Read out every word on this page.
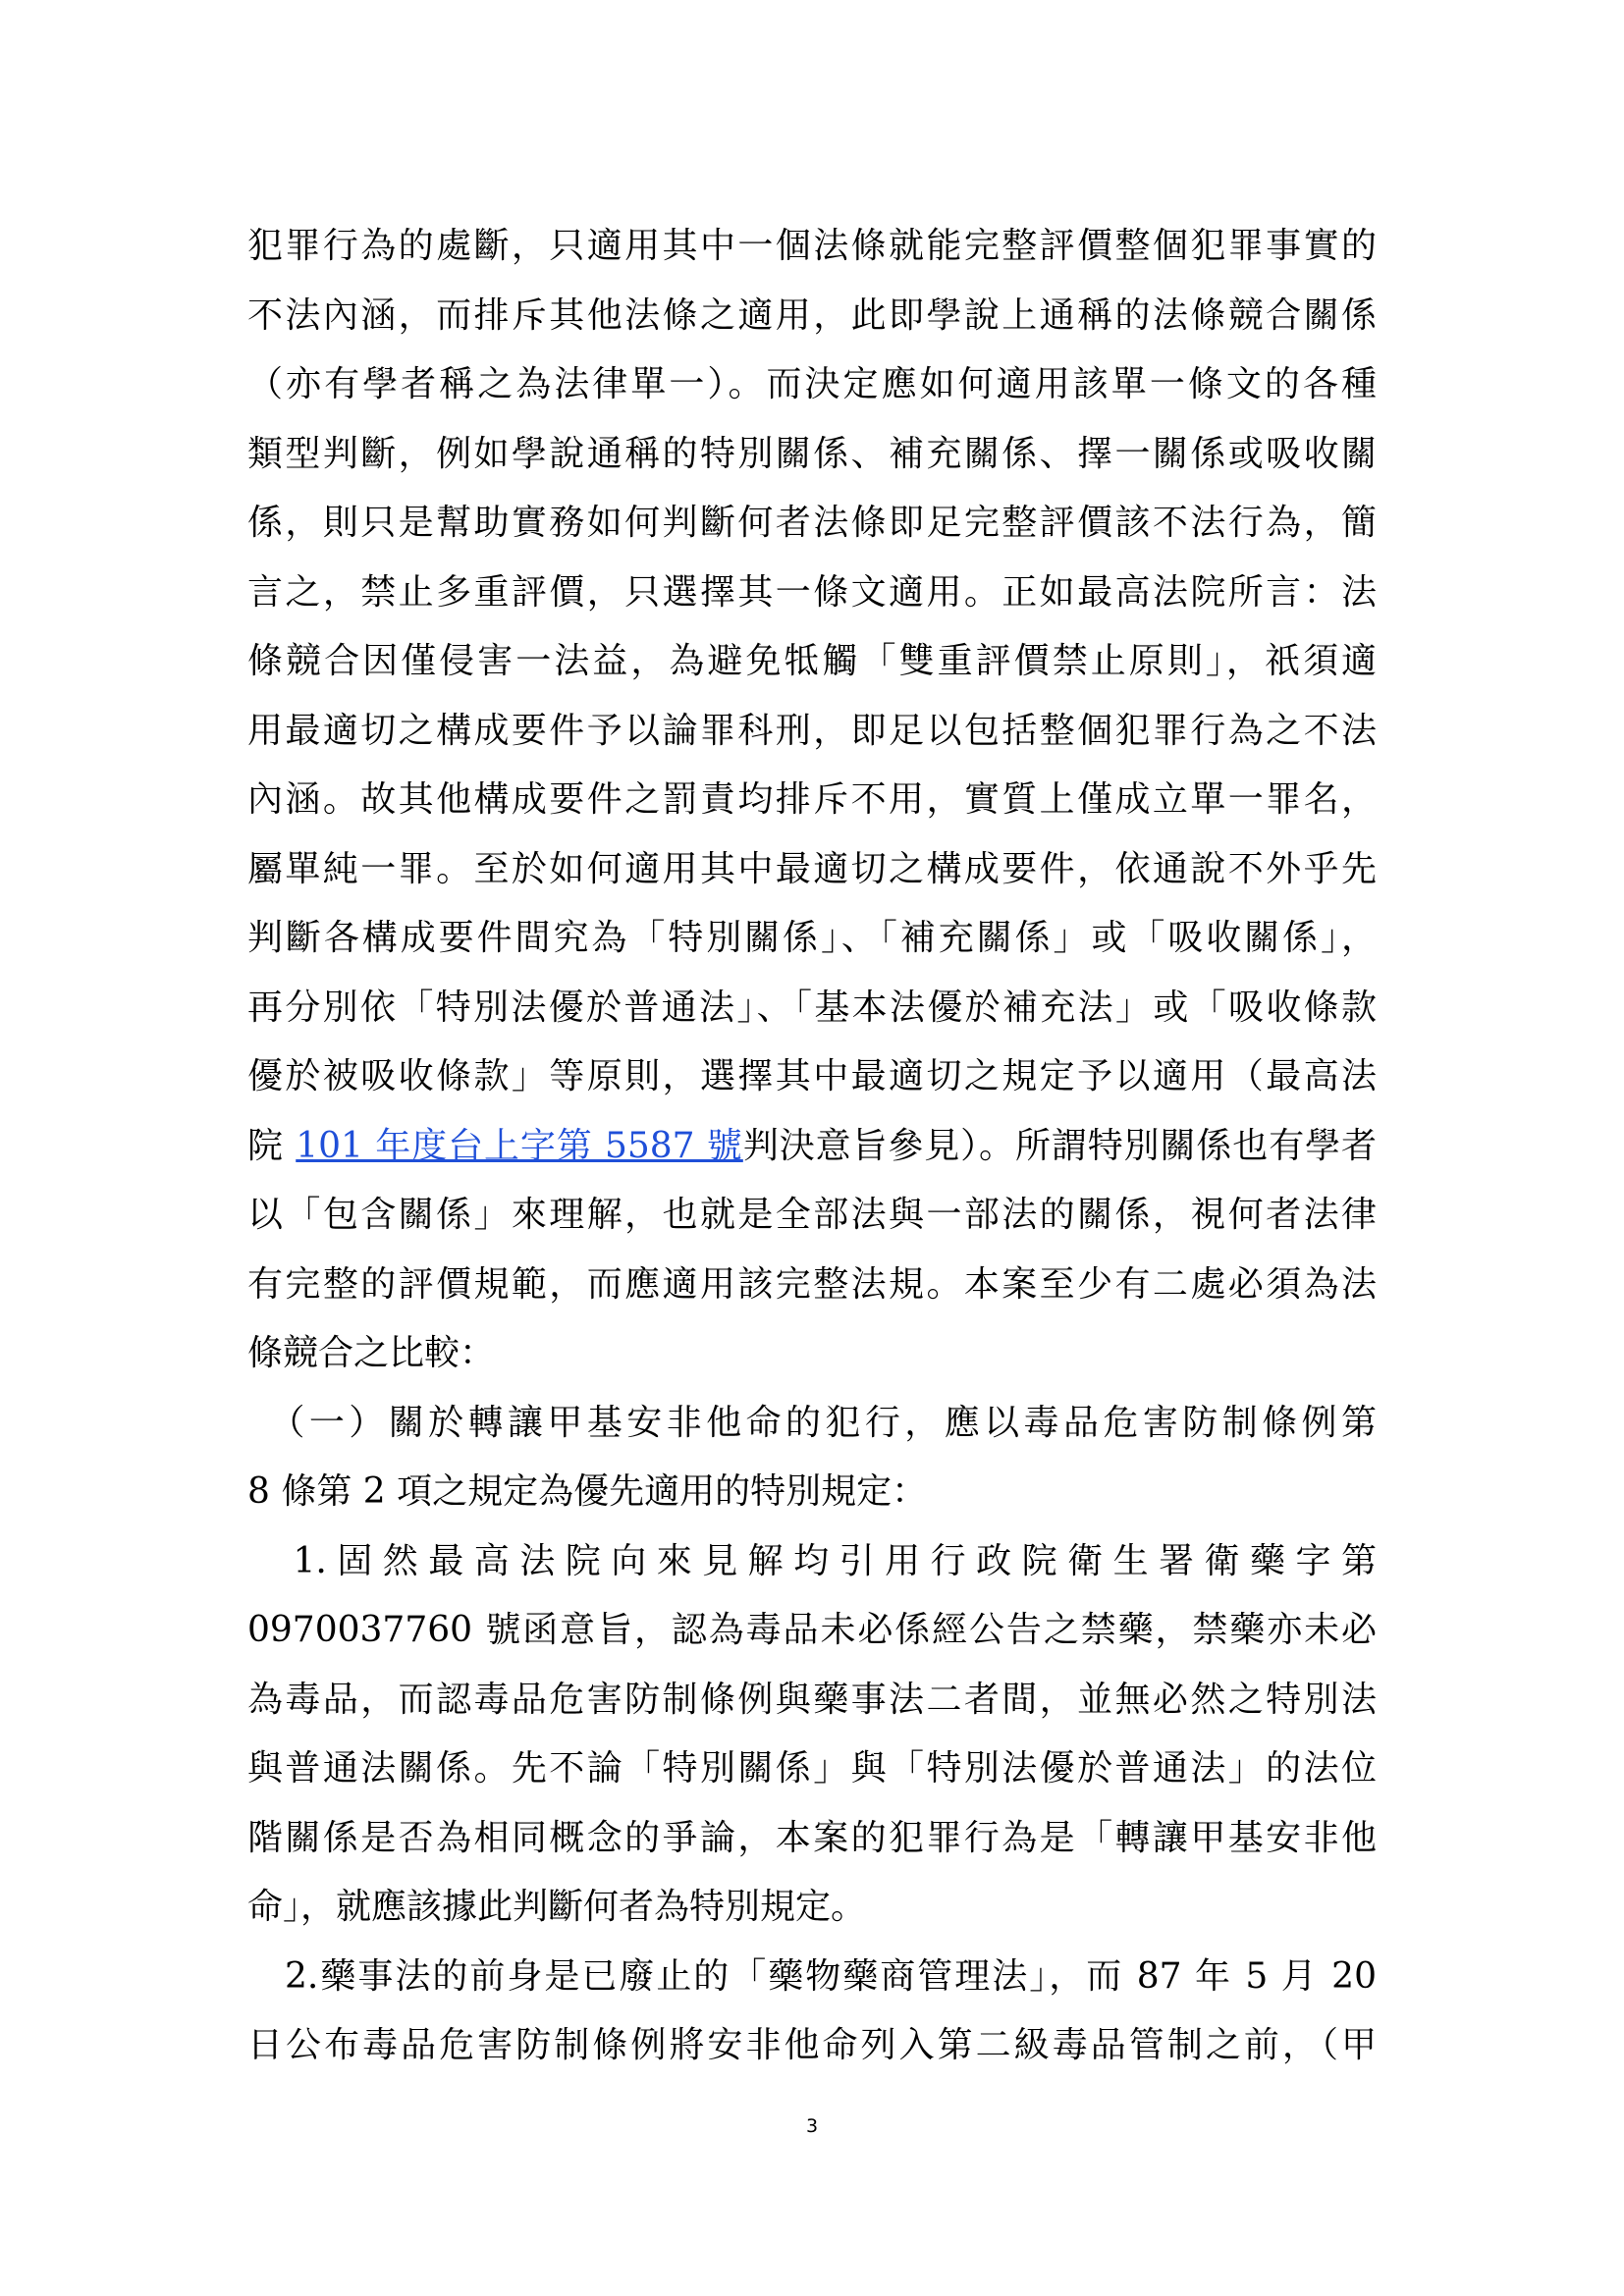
犯罪行為的處斷，只適用其中一個法條就能完整評價整個犯罪事實的
不法內涵，而排斥其他法條之適用，此即學說上通稱的法條競合關係
（亦有學者稱之為法律單一）。而決定應如何適用該單一條文的各種
類型判斷，例如學說通稱的特別關係、補充關係、擇一關係或吸收關
係，則只是幫助實務如何判斷何者法條即足完整評價該不法行為，簡
言之，禁止多重評價，只選擇其一條文適用。正如最高法院所言：法
條競合因僅侵害一法益，為避免牴觸「雙重評價禁止原則」，祇須適
用最適切之構成要件予以論罪科刑，即足以包括整個犯罪行為之不法
內涵。故其他構成要件之罰責均排斥不用，實質上僅成立單一罪名，
屬單純一罪。至於如何適用其中最適切之構成要件，依通說不外乎先
判斷各構成要件間究為「特別關係」、「補充關係」或「吸收關係」，
再分別依「特別法優於普通法」、「基本法優於補充法」或「吸收條款
優於被吸收條款」等原則，選擇其中最適切之規定予以適用（最高法
院 101 年度台上字第 5587 號判決意旨參見）。所謂特別關係也有學者
以「包含關係」來理解，也就是全部法與一部法的關係，視何者法律
有完整的評價規範，而應適用該完整法規。本案至少有二處必須為法
條競合之比較：
　（一）關於轉讓甲基安非他命的犯行，應以毒品危害防制條例第
8 條第 2 項之規定為優先適用的特別規定：
　1.固然最高法院向來見解均引用行政院衛生署衛藥字第
0970037760 號函意旨，認為毒品未必係經公告之禁藥，禁藥亦未必
為毒品，而認毒品危害防制條例與藥事法二者間，並無必然之特別法
與普通法關係。先不論「特別關係」與「特別法優於普通法」的法位
階關係是否為相同概念的爭論，本案的犯罪行為是「轉讓甲基安非他
命」，就應該據此判斷何者為特別規定。
　2.藥事法的前身是已廢止的「藥物藥商管理法」，而 87 年 5 月 20
日公布毒品危害防制條例將安非他命列入第二級毒品管制之前，（甲
3
